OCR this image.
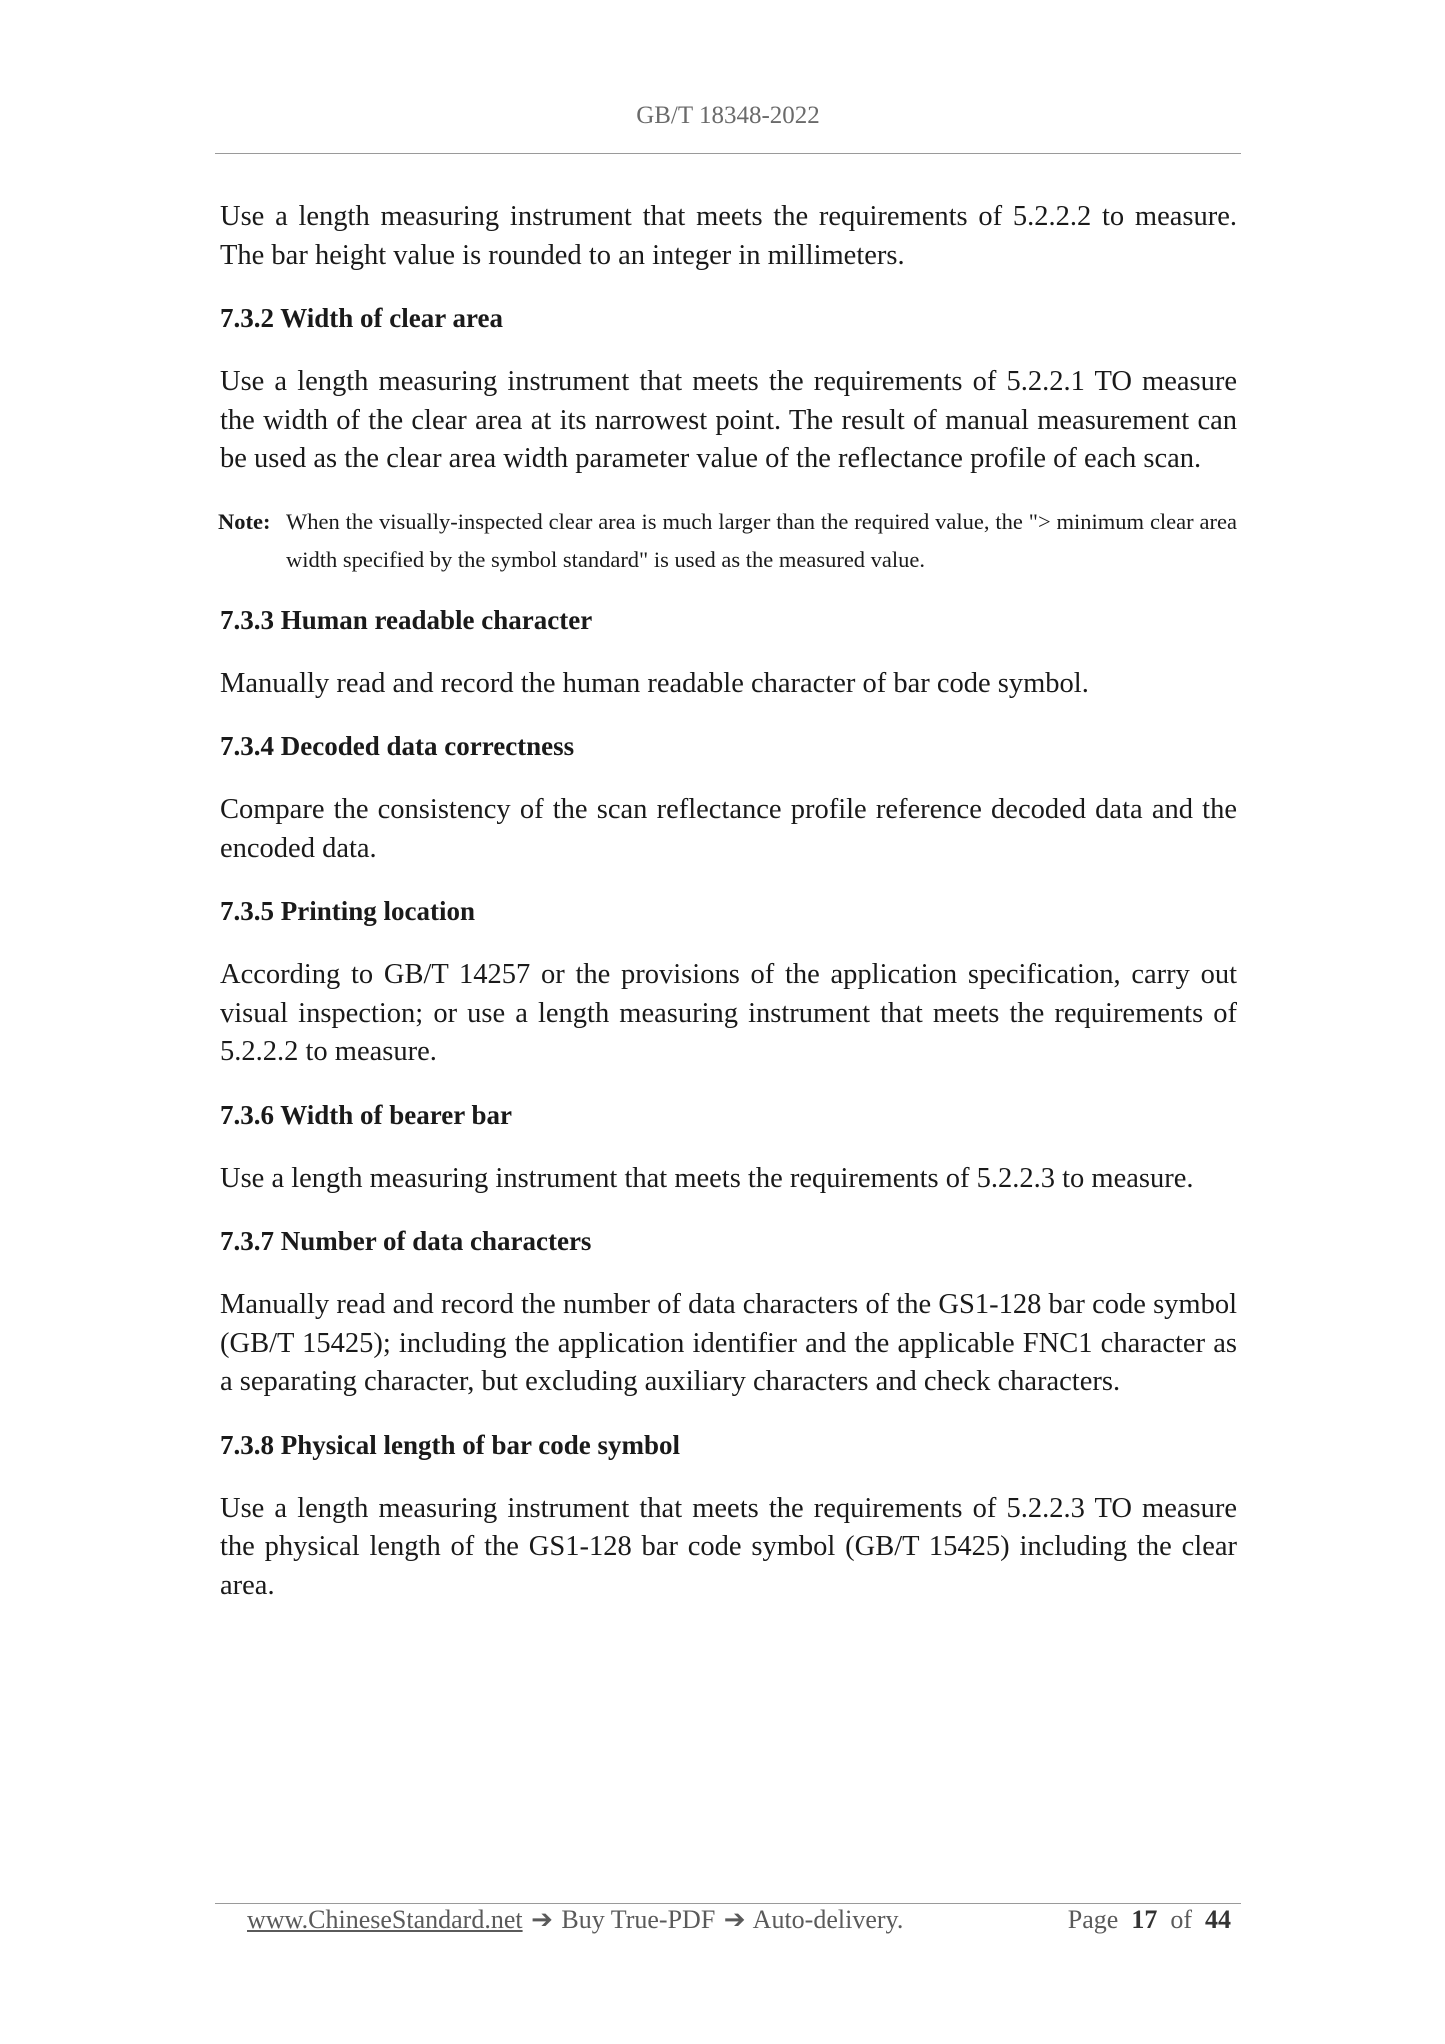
GB/T 18348-2022
Use a length measuring instrument that meets the requirements of 5.2.2.2 to measure. The bar height value is rounded to an integer in millimeters.
7.3.2 Width of clear area
Use a length measuring instrument that meets the requirements of 5.2.2.1 TO measure the width of the clear area at its narrowest point. The result of manual measurement can be used as the clear area width parameter value of the reflectance profile of each scan.
Note: When the visually-inspected clear area is much larger than the required value, the "> minimum clear area width specified by the symbol standard" is used as the measured value.
7.3.3 Human readable character
Manually read and record the human readable character of bar code symbol.
7.3.4 Decoded data correctness
Compare the consistency of the scan reflectance profile reference decoded data and the encoded data.
7.3.5 Printing location
According to GB/T 14257 or the provisions of the application specification, carry out visual inspection; or use a length measuring instrument that meets the requirements of 5.2.2.2 to measure.
7.3.6 Width of bearer bar
Use a length measuring instrument that meets the requirements of 5.2.2.3 to measure.
7.3.7 Number of data characters
Manually read and record the number of data characters of the GS1-128 bar code symbol (GB/T 15425); including the application identifier and the applicable FNC1 character as a separating character, but excluding auxiliary characters and check characters.
7.3.8 Physical length of bar code symbol
Use a length measuring instrument that meets the requirements of 5.2.2.3 TO measure the physical length of the GS1-128 bar code symbol (GB/T 15425) including the clear area.
www.ChineseStandard.net ➔ Buy True-PDF ➔ Auto-delivery.	Page 17 of 44
